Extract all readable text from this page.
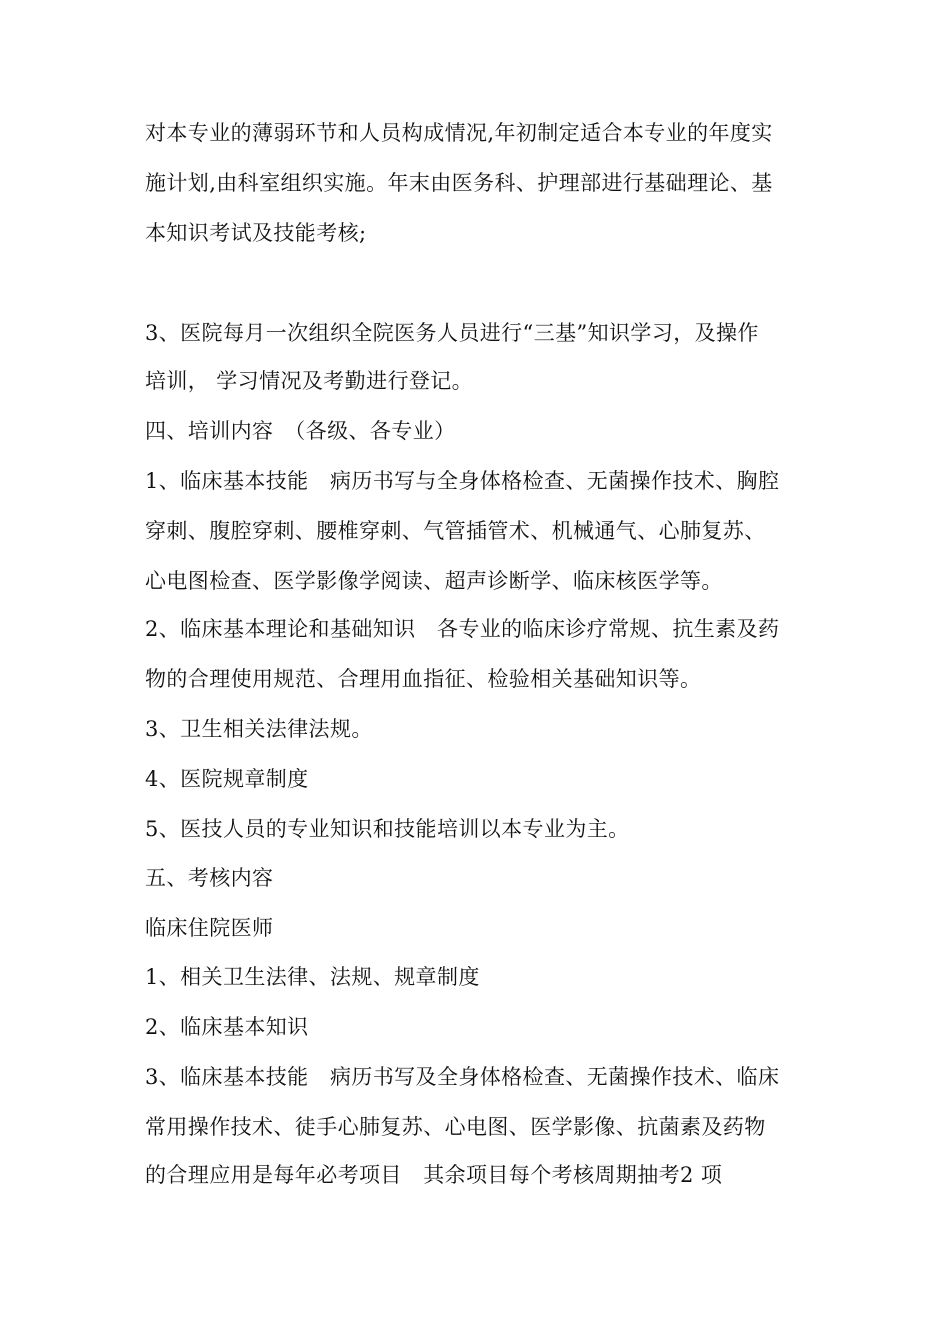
对本专业的薄弱环节和人员构成情况,年初制定适合本专业的年度实
施计划,由科室组织实施。年末由医务科、护理部进行基础理论、基
本知识考试及技能考核;
3、医院每月一次组织全院医务人员进行“三基”知识学习，及操作
培训， 学习情况及考勤进行登记。
四、培训内容　（各级、各专业）
1、临床基本技能　病历书写与全身体格检查、无菌操作技术、胸腔
穿刺、腹腔穿刺、腰椎穿刺、气管插管术、机械通气、心肺复苏、
心电图检查、医学影像学阅读、超声诊断学、临床核医学等。
2、临床基本理论和基础知识　各专业的临床诊疗常规、抗生素及药
物的合理使用规范、合理用血指征、检验相关基础知识等。
3、卫生相关法律法规。
4、医院规章制度
5、医技人员的专业知识和技能培训以本专业为主。
五、考核内容
临床住院医师
1、相关卫生法律、法规、规章制度
2、临床基本知识
3、临床基本技能　病历书写及全身体格检查、无菌操作技术、临床
常用操作技术、徒手心肺复苏、心电图、医学影像、抗菌素及药物
的合理应用是每年必考项目　其余项目每个考核周期抽考2 项
